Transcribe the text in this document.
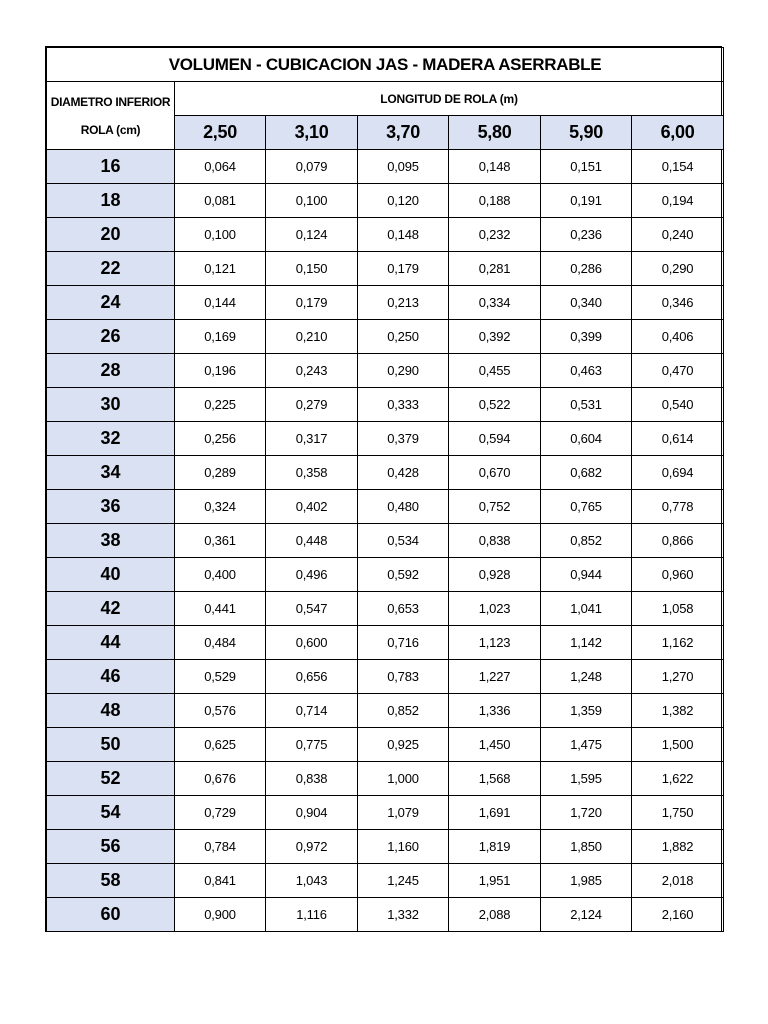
VOLUMEN - CUBICACION JAS - MADERA ASERRABLE						

DIAMETRO INFERIOR
ROLA (cm)	LONGITUD DE ROLA (m)					
	2,50	3,10	3,70	5,80	5,90	6,00
16	0,064	0,079	0,095	0,148	0,151	0,154
18	0,081	0,100	0,120	0,188	0,191	0,194
20	0,100	0,124	0,148	0,232	0,236	0,240
22	0,121	0,150	0,179	0,281	0,286	0,290
24	0,144	0,179	0,213	0,334	0,340	0,346
26	0,169	0,210	0,250	0,392	0,399	0,406
28	0,196	0,243	0,290	0,455	0,463	0,470
30	0,225	0,279	0,333	0,522	0,531	0,540
32	0,256	0,317	0,379	0,594	0,604	0,614
34	0,289	0,358	0,428	0,670	0,682	0,694
36	0,324	0,402	0,480	0,752	0,765	0,778
38	0,361	0,448	0,534	0,838	0,852	0,866
40	0,400	0,496	0,592	0,928	0,944	0,960
42	0,441	0,547	0,653	1,023	1,041	1,058
44	0,484	0,600	0,716	1,123	1,142	1,162
46	0,529	0,656	0,783	1,227	1,248	1,270
48	0,576	0,714	0,852	1,336	1,359	1,382
50	0,625	0,775	0,925	1,450	1,475	1,500
52	0,676	0,838	1,000	1,568	1,595	1,622
54	0,729	0,904	1,079	1,691	1,720	1,750
56	0,784	0,972	1,160	1,819	1,850	1,882
58	0,841	1,043	1,245	1,951	1,985	2,018
60	0,900	1,116	1,332	2,088	2,124	2,160
